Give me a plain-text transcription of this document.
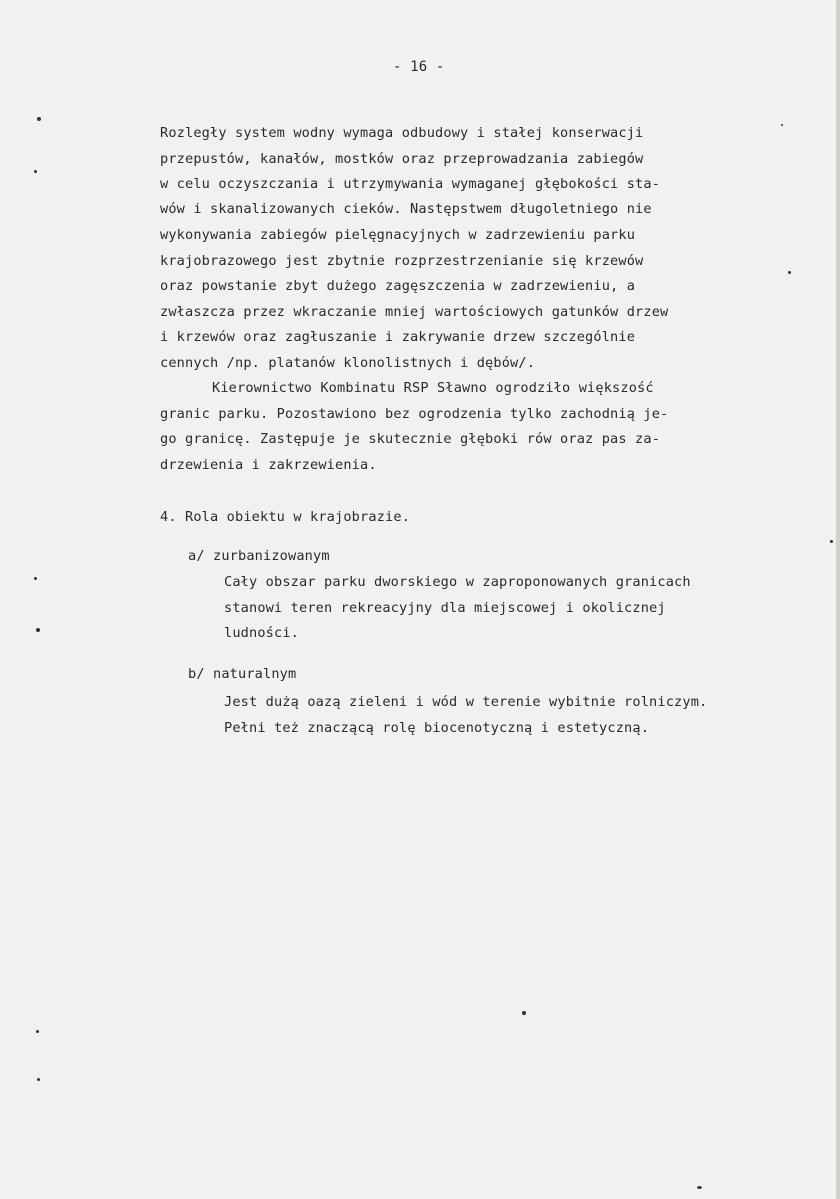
- 16 -
Rozległy system wodny wymaga odbudowy i stałej konserwacji
przepustów, kanałów, mostków oraz przeprowadzania zabiegów
w celu oczyszczania i utrzymywania wymaganej głębokości sta-
wów i skanalizowanych cieków. Następstwem długoletniego nie
wykonywania zabiegów pielęgnacyjnych w zadrzewieniu parku
krajobrazowego jest zbytnie rozprzestrzenianie się krzewów
oraz powstanie zbyt dużego zagęszczenia w zadrzewieniu, a
zwłaszcza przez wkraczanie mniej wartościowych gatunków drzew
i krzewów oraz zagłuszanie i zakrywanie drzew szczególnie
cennych /np. platanów klonolistnych i dębów/.
Kierownictwo Kombinatu RSP Sławno ogrodziło większość
granic parku. Pozostawiono bez ogrodzenia tylko zachodnią je-
go granicę. Zastępuje je skutecznie głęboki rów oraz pas za-
drzewienia i zakrzewienia.
4. Rola obiektu w krajobrazie.
a/ zurbanizowanym
Cały obszar parku dworskiego w zaproponowanych granicach
stanowi teren rekreacyjny dla miejscowej i okolicznej
ludności.
b/ naturalnym
Jest dużą oazą zieleni i wód w terenie wybitnie rolniczym.
Pełni też znaczącą rolę biocenotyczną i estetyczną.
